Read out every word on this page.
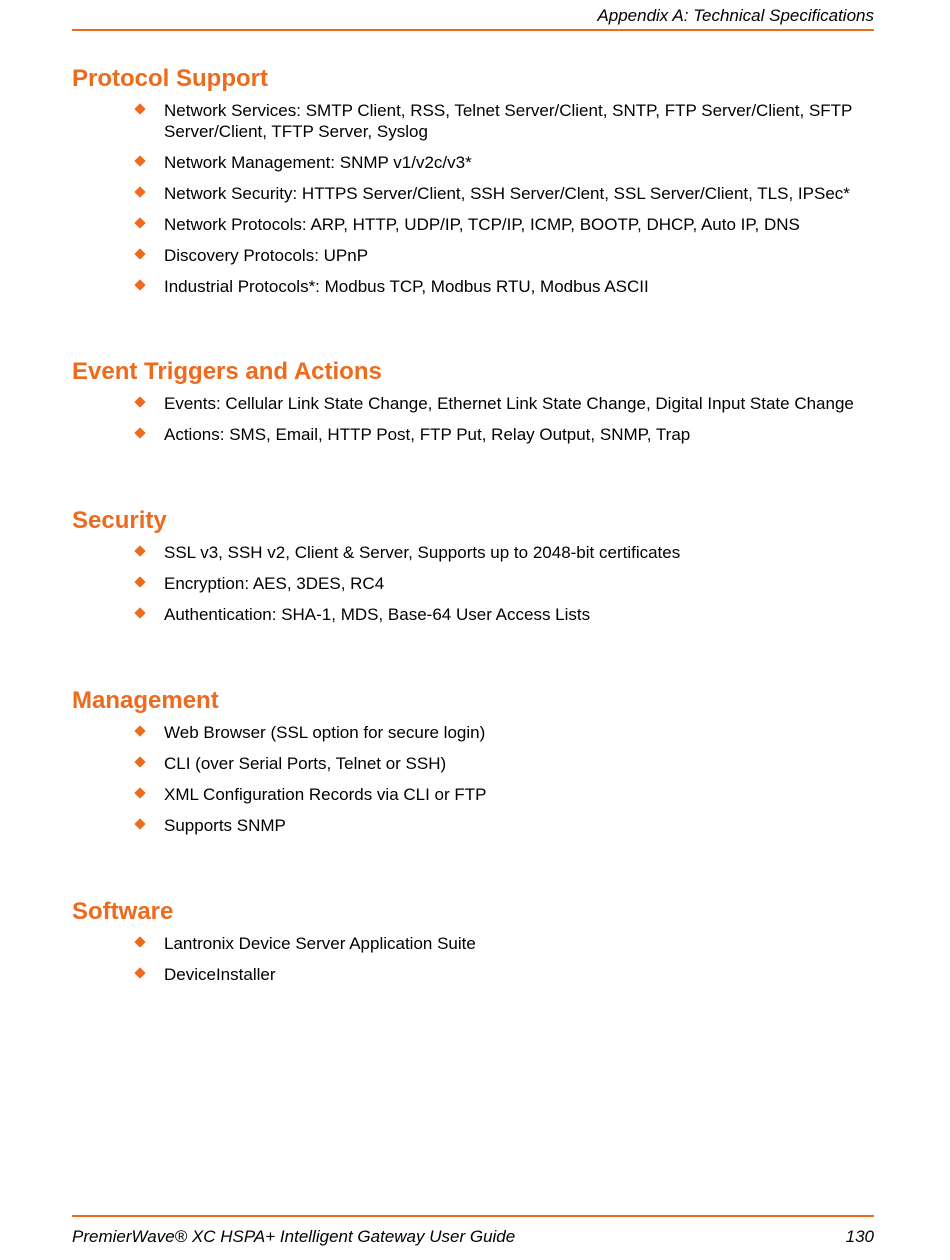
Appendix A: Technical Specifications
Protocol Support
Network Services: SMTP Client, RSS, Telnet Server/Client, SNTP, FTP Server/Client, SFTP Server/Client, TFTP Server, Syslog
Network Management: SNMP v1/v2c/v3*
Network Security: HTTPS Server/Client, SSH Server/Clent, SSL Server/Client, TLS, IPSec*
Network Protocols: ARP, HTTP, UDP/IP, TCP/IP, ICMP, BOOTP, DHCP, Auto IP, DNS
Discovery Protocols: UPnP
Industrial Protocols*: Modbus TCP, Modbus RTU, Modbus ASCII
Event Triggers and Actions
Events: Cellular Link State Change, Ethernet Link State Change, Digital Input State Change
Actions: SMS, Email, HTTP Post, FTP Put, Relay Output, SNMP, Trap
Security
SSL v3, SSH v2, Client & Server, Supports up to 2048-bit certificates
Encryption: AES, 3DES, RC4
Authentication: SHA-1, MDS, Base-64 User Access Lists
Management
Web Browser (SSL option for secure login)
CLI (over Serial Ports, Telnet or SSH)
XML Configuration Records via CLI or FTP
Supports SNMP
Software
Lantronix Device Server Application Suite
DeviceInstaller
PremierWave® XC HSPA+ Intelligent Gateway User Guide	130
